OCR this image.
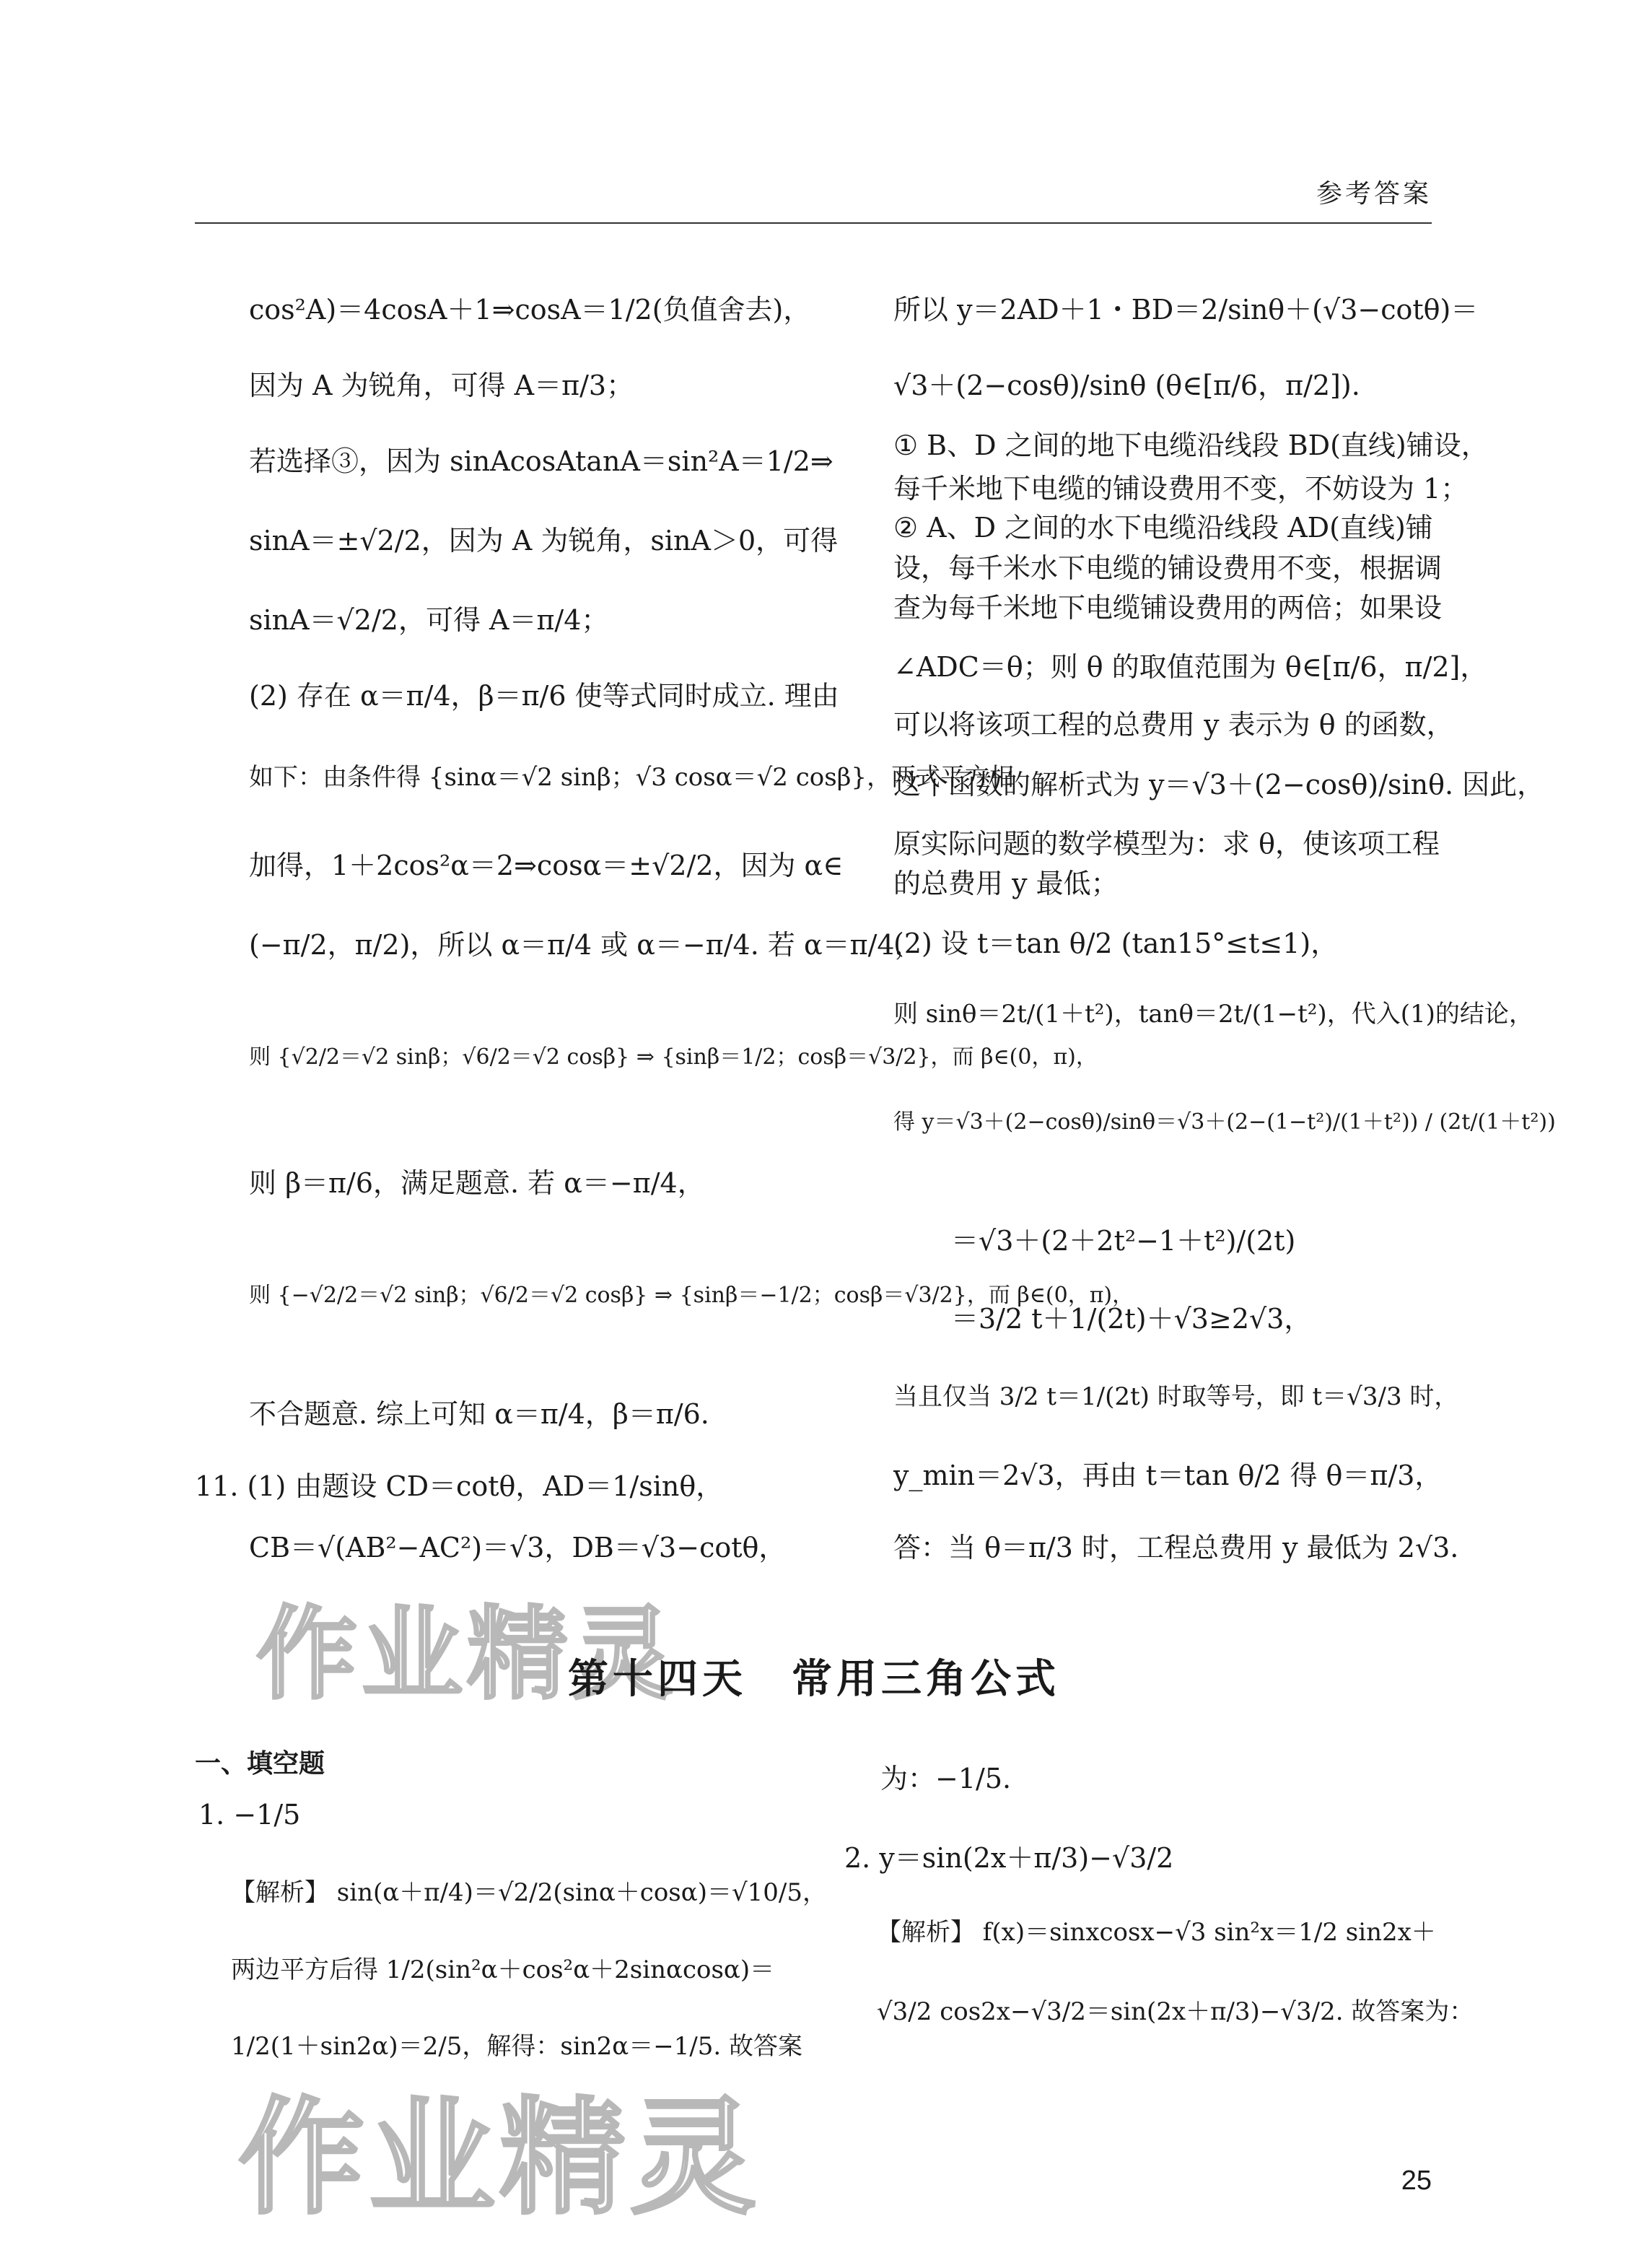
参考答案
cos²A)＝4cosA＋1⇒cosA＝1/2(负值舍去)，
因为 A 为锐角，可得 A＝π/3；
若选择③，因为 sinAcosAtanA＝sin²A＝1/2⇒
sinA＝±√2/2，因为 A 为锐角，sinA＞0，可得
sinA＝√2/2，可得 A＝π/4；
(2) 存在 α＝π/4，β＝π/6 使等式同时成立. 理由
如下：由条件得 {sinα＝√2 sinβ；√3 cosα＝√2 cosβ}，两式平方相
加得，1＋2cos²α＝2⇒cosα＝±√2/2，因为 α∈
(−π/2，π/2)，所以 α＝π/4 或 α＝−π/4. 若 α＝π/4，
则 {√2/2＝√2 sinβ；√6/2＝√2 cosβ} ⇒ {sinβ＝1/2；cosβ＝√3/2}，而 β∈(0，π)，
则 β＝π/6，满足题意. 若 α＝−π/4，
则 {−√2/2＝√2 sinβ；√6/2＝√2 cosβ} ⇒ {sinβ＝−1/2；cosβ＝√3/2}，而 β∈(0，π)，
不合题意. 综上可知 α＝π/4，β＝π/6.
11. (1) 由题设 CD＝cotθ，AD＝1/sinθ，
CB＝√(AB²−AC²)＝√3，DB＝√3−cotθ，
所以 y＝2AD＋1・BD＝2/sinθ＋(√3−cotθ)＝
√3＋(2−cosθ)/sinθ (θ∈[π/6，π/2]).
① B、D 之间的地下电缆沿线段 BD(直线)铺设，
每千米地下电缆的铺设费用不变，不妨设为 1；
② A、D 之间的水下电缆沿线段 AD(直线)铺
设，每千米水下电缆的铺设费用不变，根据调
查为每千米地下电缆铺设费用的两倍；如果设
∠ADC＝θ；则 θ 的取值范围为 θ∈[π/6，π/2]，
可以将该项工程的总费用 y 表示为 θ 的函数，
这个函数的解析式为 y＝√3＋(2−cosθ)/sinθ. 因此，
原实际问题的数学模型为：求 θ，使该项工程
的总费用 y 最低；
(2) 设 t＝tan θ/2 (tan15°≤t≤1)，
则 sinθ＝2t/(1＋t²)，tanθ＝2t/(1−t²)，代入(1)的结论，
得 y＝√3＋(2−cosθ)/sinθ＝√3＋(2−(1−t²)/(1＋t²)) / (2t/(1＋t²))
＝√3＋(2＋2t²−1＋t²)/(2t)
＝3/2 t＋1/(2t)＋√3≥2√3，
当且仅当 3/2 t＝1/(2t) 时取等号，即 t＝√3/3 时，
y_min＝2√3，再由 t＝tan θ/2 得 θ＝π/3，
答：当 θ＝π/3 时，工程总费用 y 最低为 2√3.
作业精灵
作业精灵
第十四天　常用三角公式
一、填空题
1. −1/5
【解析】 sin(α＋π/4)＝√2/2(sinα＋cosα)＝√10/5，
两边平方后得 1/2(sin²α＋cos²α＋2sinαcosα)＝
1/2(1＋sin2α)＝2/5，解得：sin2α＝−1/5. 故答案
为：−1/5.
2. y＝sin(2x＋π/3)−√3/2
【解析】 f(x)＝sinxcosx−√3 sin²x＝1/2 sin2x＋
√3/2 cos2x−√3/2＝sin(2x＋π/3)−√3/2. 故答案为：
25
